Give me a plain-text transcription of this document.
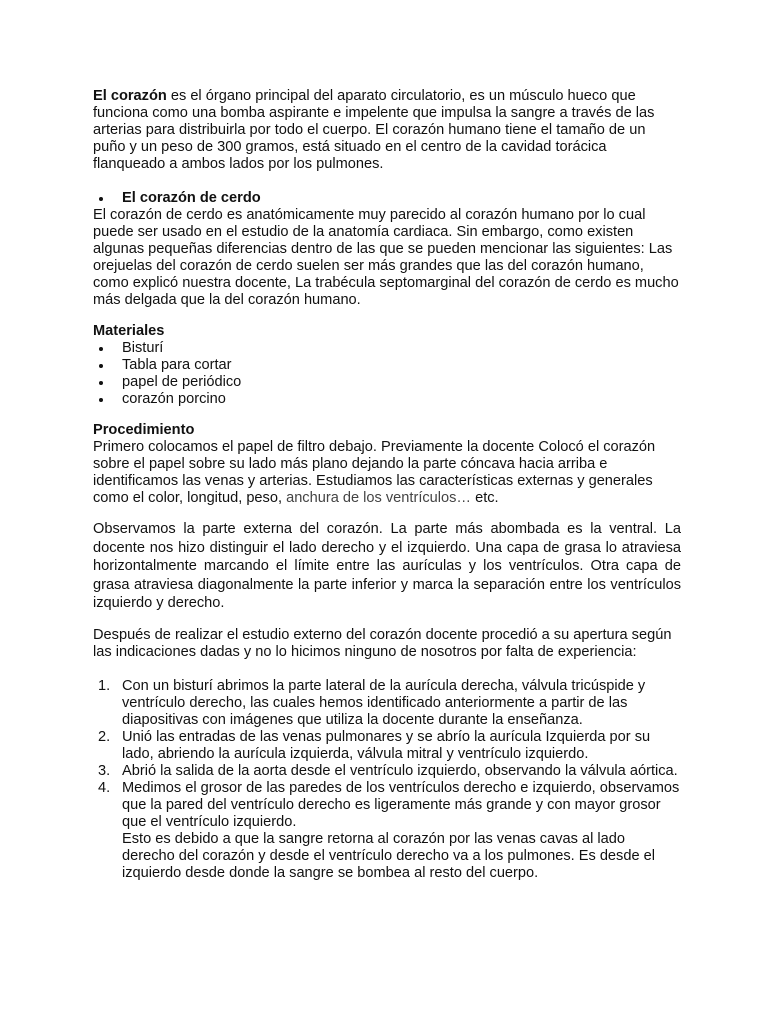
El corazón es el órgano principal del aparato circulatorio, es un músculo hueco que funciona como una bomba aspirante e impelente que impulsa la sangre a través de las arterias para distribuirla por todo el cuerpo. El corazón humano tiene el tamaño de un puño y un peso de 300 gramos, está situado en el centro de la cavidad torácica flanqueado a ambos lados por los pulmones.

El corazón de cerdo

El corazón de cerdo es anatómicamente muy parecido al corazón humano por lo cual puede ser usado en el estudio de la anatomía cardiaca. Sin embargo, como existen algunas pequeñas diferencias dentro de las que se pueden mencionar las siguientes: Las orejuelas del corazón de cerdo suelen ser más grandes que las del corazón humano, como explicó nuestra docente, La trabécula septomarginal del corazón de cerdo es mucho más delgada que la del corazón humano.

Materiales
Bisturí
Tabla para cortar
papel de periódico
corazón porcino
Procedimiento

Primero colocamos el papel de filtro debajo. Previamente la docente Colocó el corazón sobre el papel sobre su lado más plano dejando la parte cóncava hacia arriba e identificamos las venas y arterias. Estudiamos las características externas y generales como el color, longitud, peso, anchura de los ventrículos… etc.

Observamos la parte externa del corazón. La parte más abombada es la ventral. La docente nos hizo distinguir el lado derecho y el izquierdo. Una capa de grasa lo atraviesa horizontalmente marcando el límite entre las aurículas y los ventrículos. Otra capa de grasa atraviesa diagonalmente la parte inferior y marca la separación entre los ventrículos izquierdo y derecho.

Después de realizar el estudio externo del corazón docente procedió a su apertura según las indicaciones dadas y no lo hicimos ninguno de nosotros por falta de experiencia:

1. Con un bisturí abrimos la parte lateral de la aurícula derecha, válvula tricúspide y ventrículo derecho, las cuales hemos identificado anteriormente a partir de las diapositivas con imágenes que utiliza la docente durante la enseñanza.
2. Unió las entradas de las venas pulmonares y se abrío la aurícula Izquierda por su lado, abriendo la aurícula izquierda, válvula mitral y ventrículo izquierdo.
3. Abrió la salida de la aorta desde el ventrículo izquierdo, observando la válvula aórtica.
4. Medimos el grosor de las paredes de los ventrículos derecho e izquierdo, observamos que la pared del ventrículo derecho es ligeramente más grande y con mayor grosor que el ventrículo izquierdo.
Esto es debido a que la sangre retorna al corazón por las venas cavas al lado derecho del corazón y desde el ventrículo derecho va a los pulmones. Es desde el izquierdo desde donde la sangre se bombea al resto del cuerpo.
